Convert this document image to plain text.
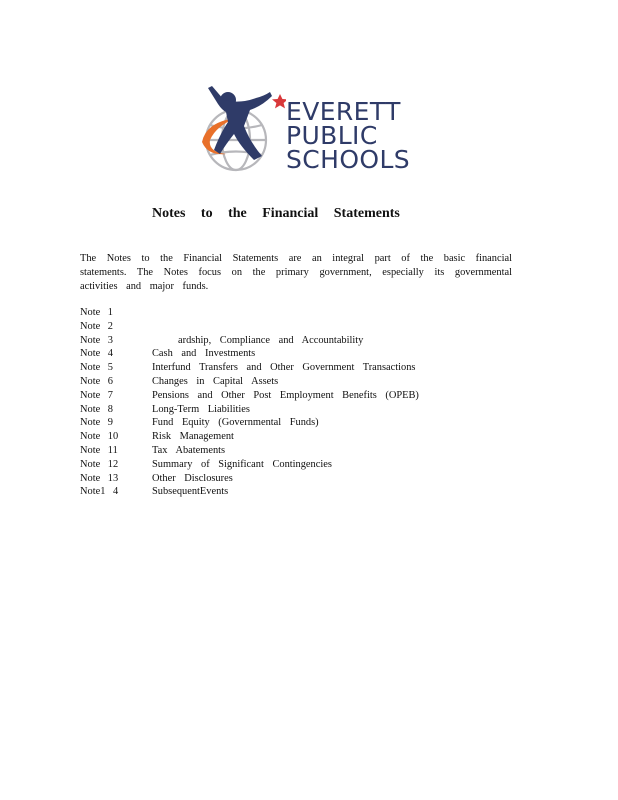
EVERETT
PUBLIC
SCHOOLS
Notes to the Financial Statements
The Notes to the Financial Statements are an integral part of the basic financial statements. The Notes focus on the primary government, especially its governmental activities and major funds.
Note 1
Note 2
Note 3	ardship, Compliance and Accountability
Note 4	Cash and Investments
Note 5	Interfund Transfers and Other Government Transactions
Note 6	Changes in Capital Assets
Note 7	Pensions and Other Post Employment Benefits (OPEB)
Note 8	Long-Term Liabilities
Note 9	Fund Equity (Governmental Funds)
Note 10	Risk Management
Note 11	Tax Abatements
Note 12	Summary of Significant Contingencies
Note 13	Other Disclosures
Note1 4	SubsequentEvents
